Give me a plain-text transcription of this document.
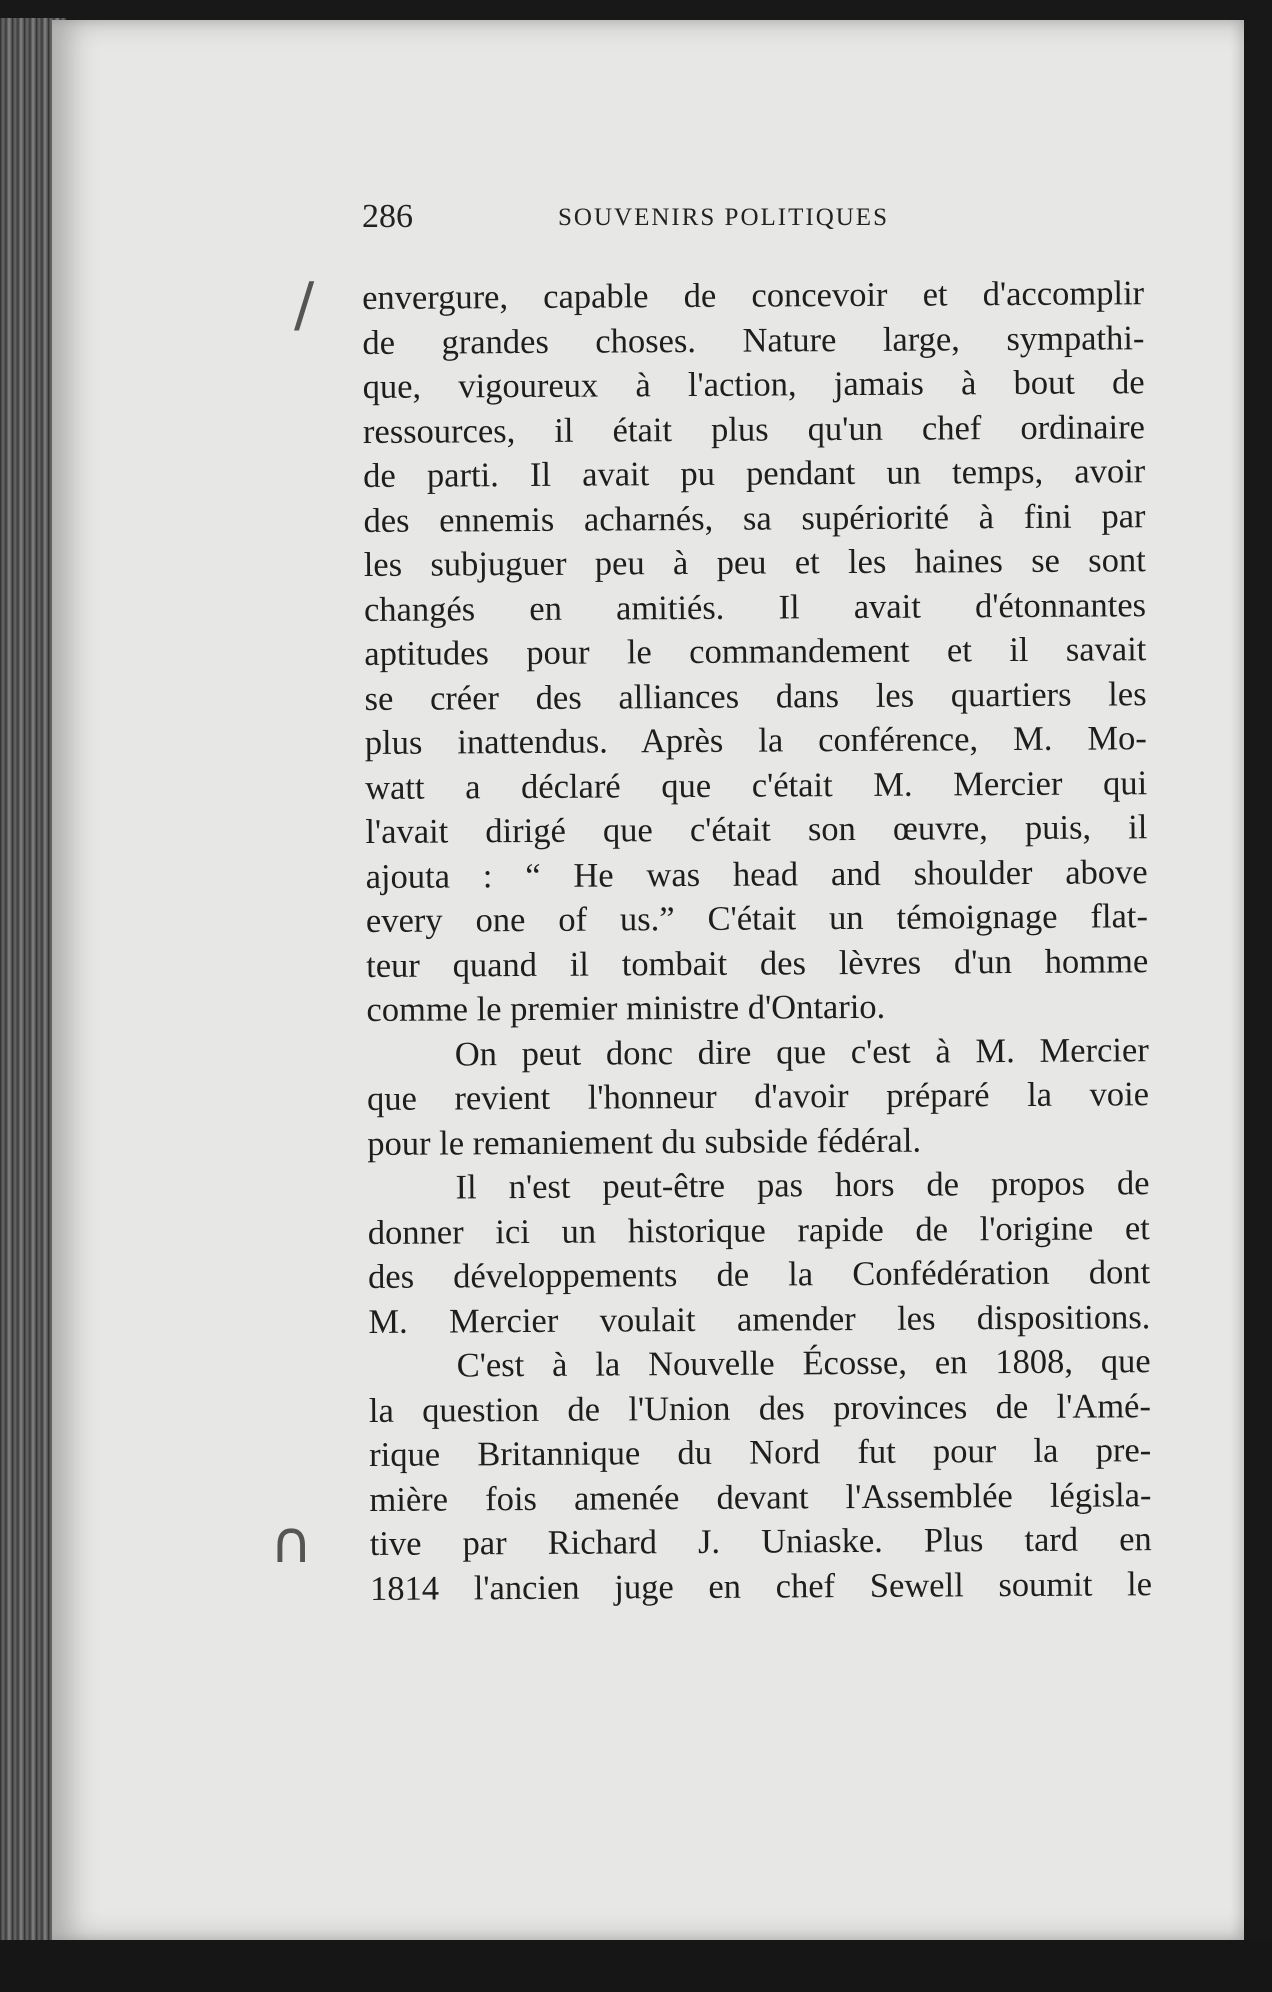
286	SOUVENIRS POLITIQUES
envergure, capable de concevoir et d'accomplir
de grandes choses. Nature large, sympathi-
que, vigoureux à l'action, jamais à bout de
ressources, il était plus qu'un chef ordinaire
de parti. Il avait pu pendant un temps, avoir
des ennemis acharnés, sa supériorité à fini par
les subjuguer peu à peu et les haines se sont
changés en amitiés. Il avait d'étonnantes
aptitudes pour le commandement et il savait
se créer des alliances dans les quartiers les
plus inattendus. Après la conférence, M. Mo-
watt a déclaré que c'était M. Mercier qui
l'avait dirigé que c'était son œuvre, puis, il
ajouta : “ He was head and shoulder above
every one of us.” C'était un témoignage flat-
teur quand il tombait des lèvres d'un homme
comme le premier ministre d'Ontario.
On peut donc dire que c'est à M. Mercier
que revient l'honneur d'avoir préparé la voie
pour le remaniement du subside fédéral.
Il n'est peut-être pas hors de propos de
donner ici un historique rapide de l'origine et
des développements de la Confédération dont
M. Mercier voulait amender les dispositions.
C'est à la Nouvelle Écosse, en 1808, que
la question de l'Union des provinces de l'Amé-
rique Britannique du Nord fut pour la pre-
mière fois amenée devant l'Assemblée législa-
tive par Richard J. Uniaske. Plus tard en
1814 l'ancien juge en chef Sewell soumit le
/
∩
